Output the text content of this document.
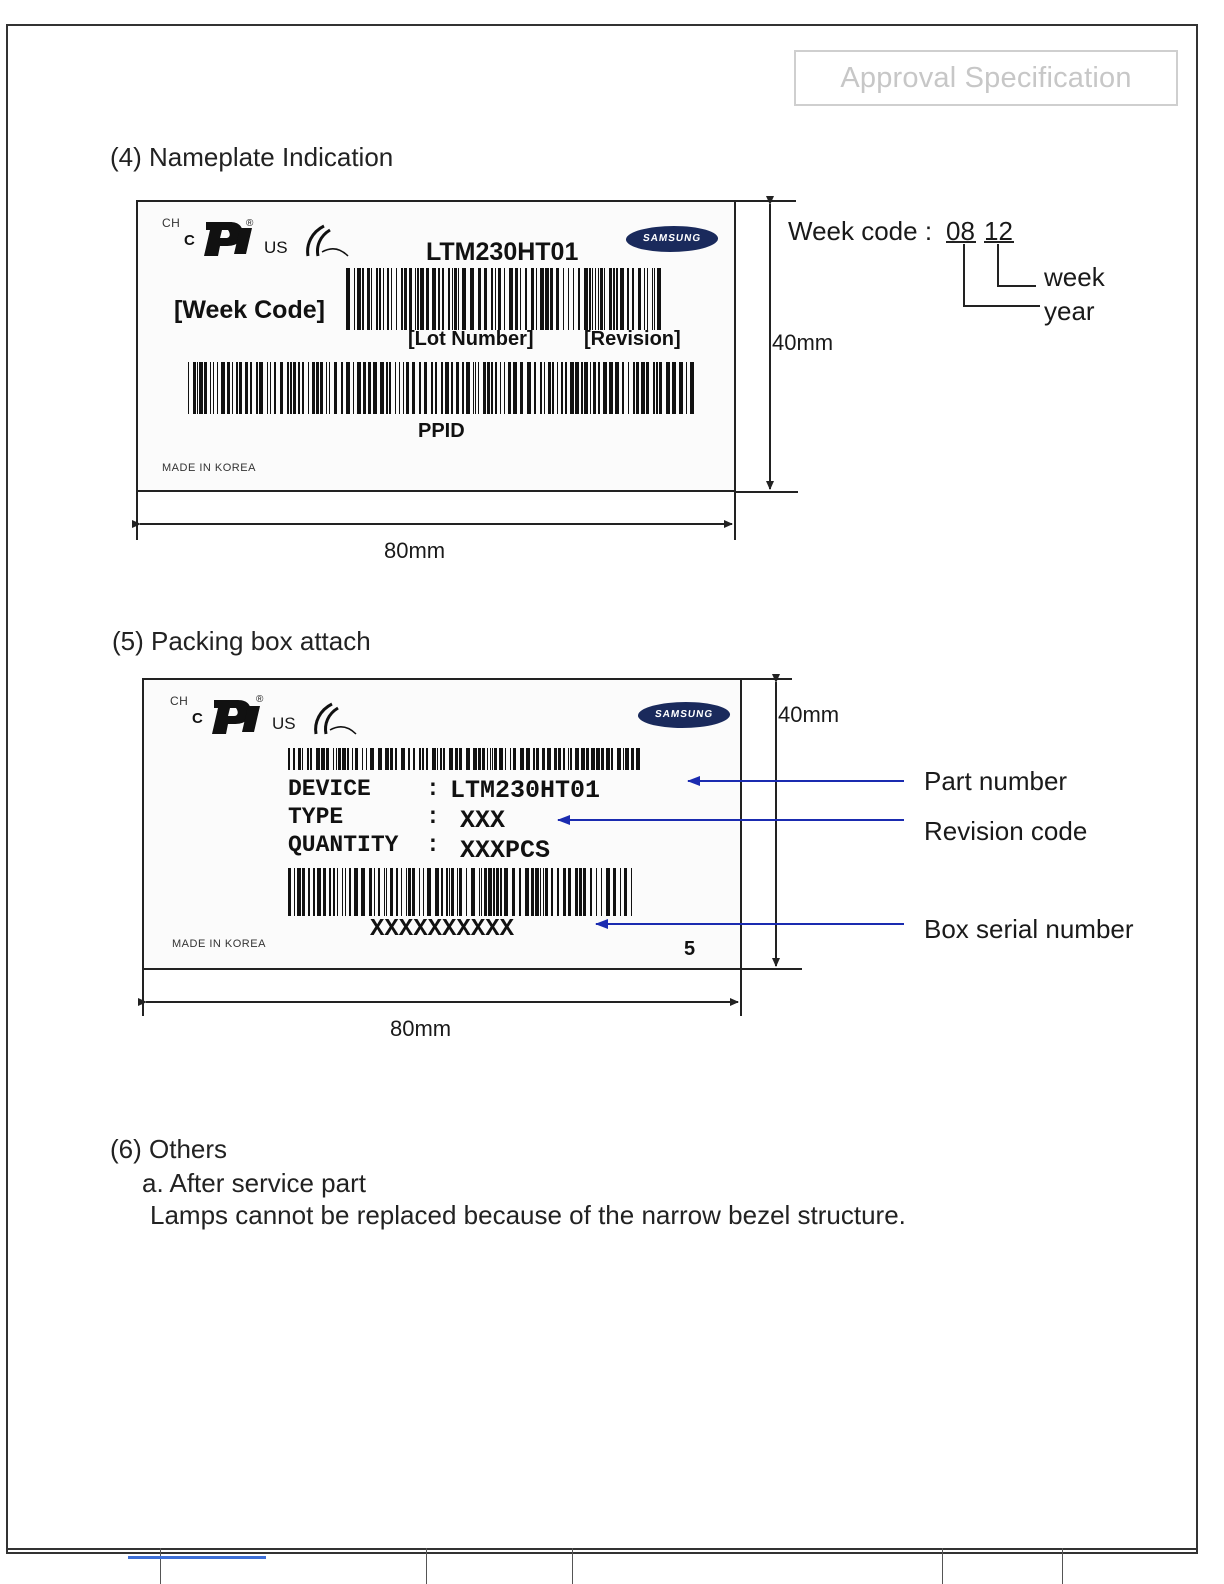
Approval Specification
(4) Nameplate Indication
CH
C
®
US	LTM230HT01	SAMSUNG
[Week Code]
[Lot Number]	[Revision]
PPID
MADE IN KOREA
40mm
80mm
Week code : 08 12
week
year
(5) Packing box attach
CH
C
®
US	SAMSUNG
DEVICE : LTM230HT01
TYPE	: XXX
QUANTITY : XXXPCS
XXXXXXXXXX
MADE IN KOREA	5
40mm
80mm
Part number
Revision code
Box serial number
(6) Others
a. After service part
Lamps cannot be replaced because of the narrow bezel structure.
